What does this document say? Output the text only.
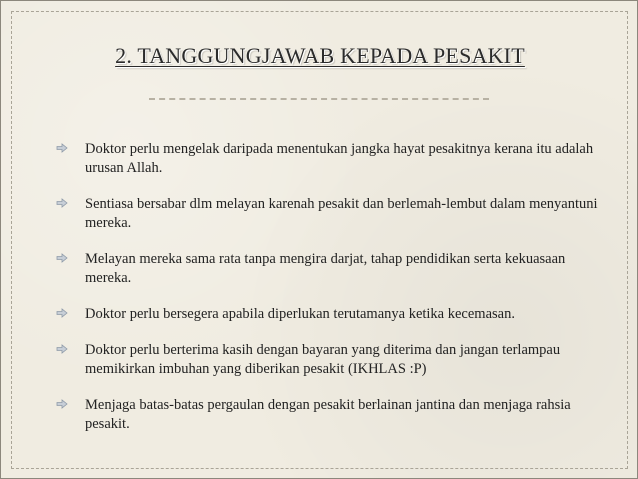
2. TANGGUNGJAWAB KEPADA PESAKIT
Doktor perlu mengelak daripada menentukan jangka hayat pesakitnya kerana itu adalah urusan Allah.
Sentiasa bersabar dlm melayan karenah pesakit dan berlemah-lembut dalam menyantuni mereka.
Melayan mereka sama rata tanpa mengira darjat, tahap pendidikan serta kekuasaan mereka.
Doktor perlu bersegera apabila diperlukan terutamanya ketika kecemasan.
Doktor perlu berterima kasih dengan bayaran yang diterima dan jangan terlampau memikirkan imbuhan yang diberikan pesakit (IKHLAS :P)
Menjaga batas-batas pergaulan dengan pesakit berlainan jantina dan menjaga rahsia pesakit.
